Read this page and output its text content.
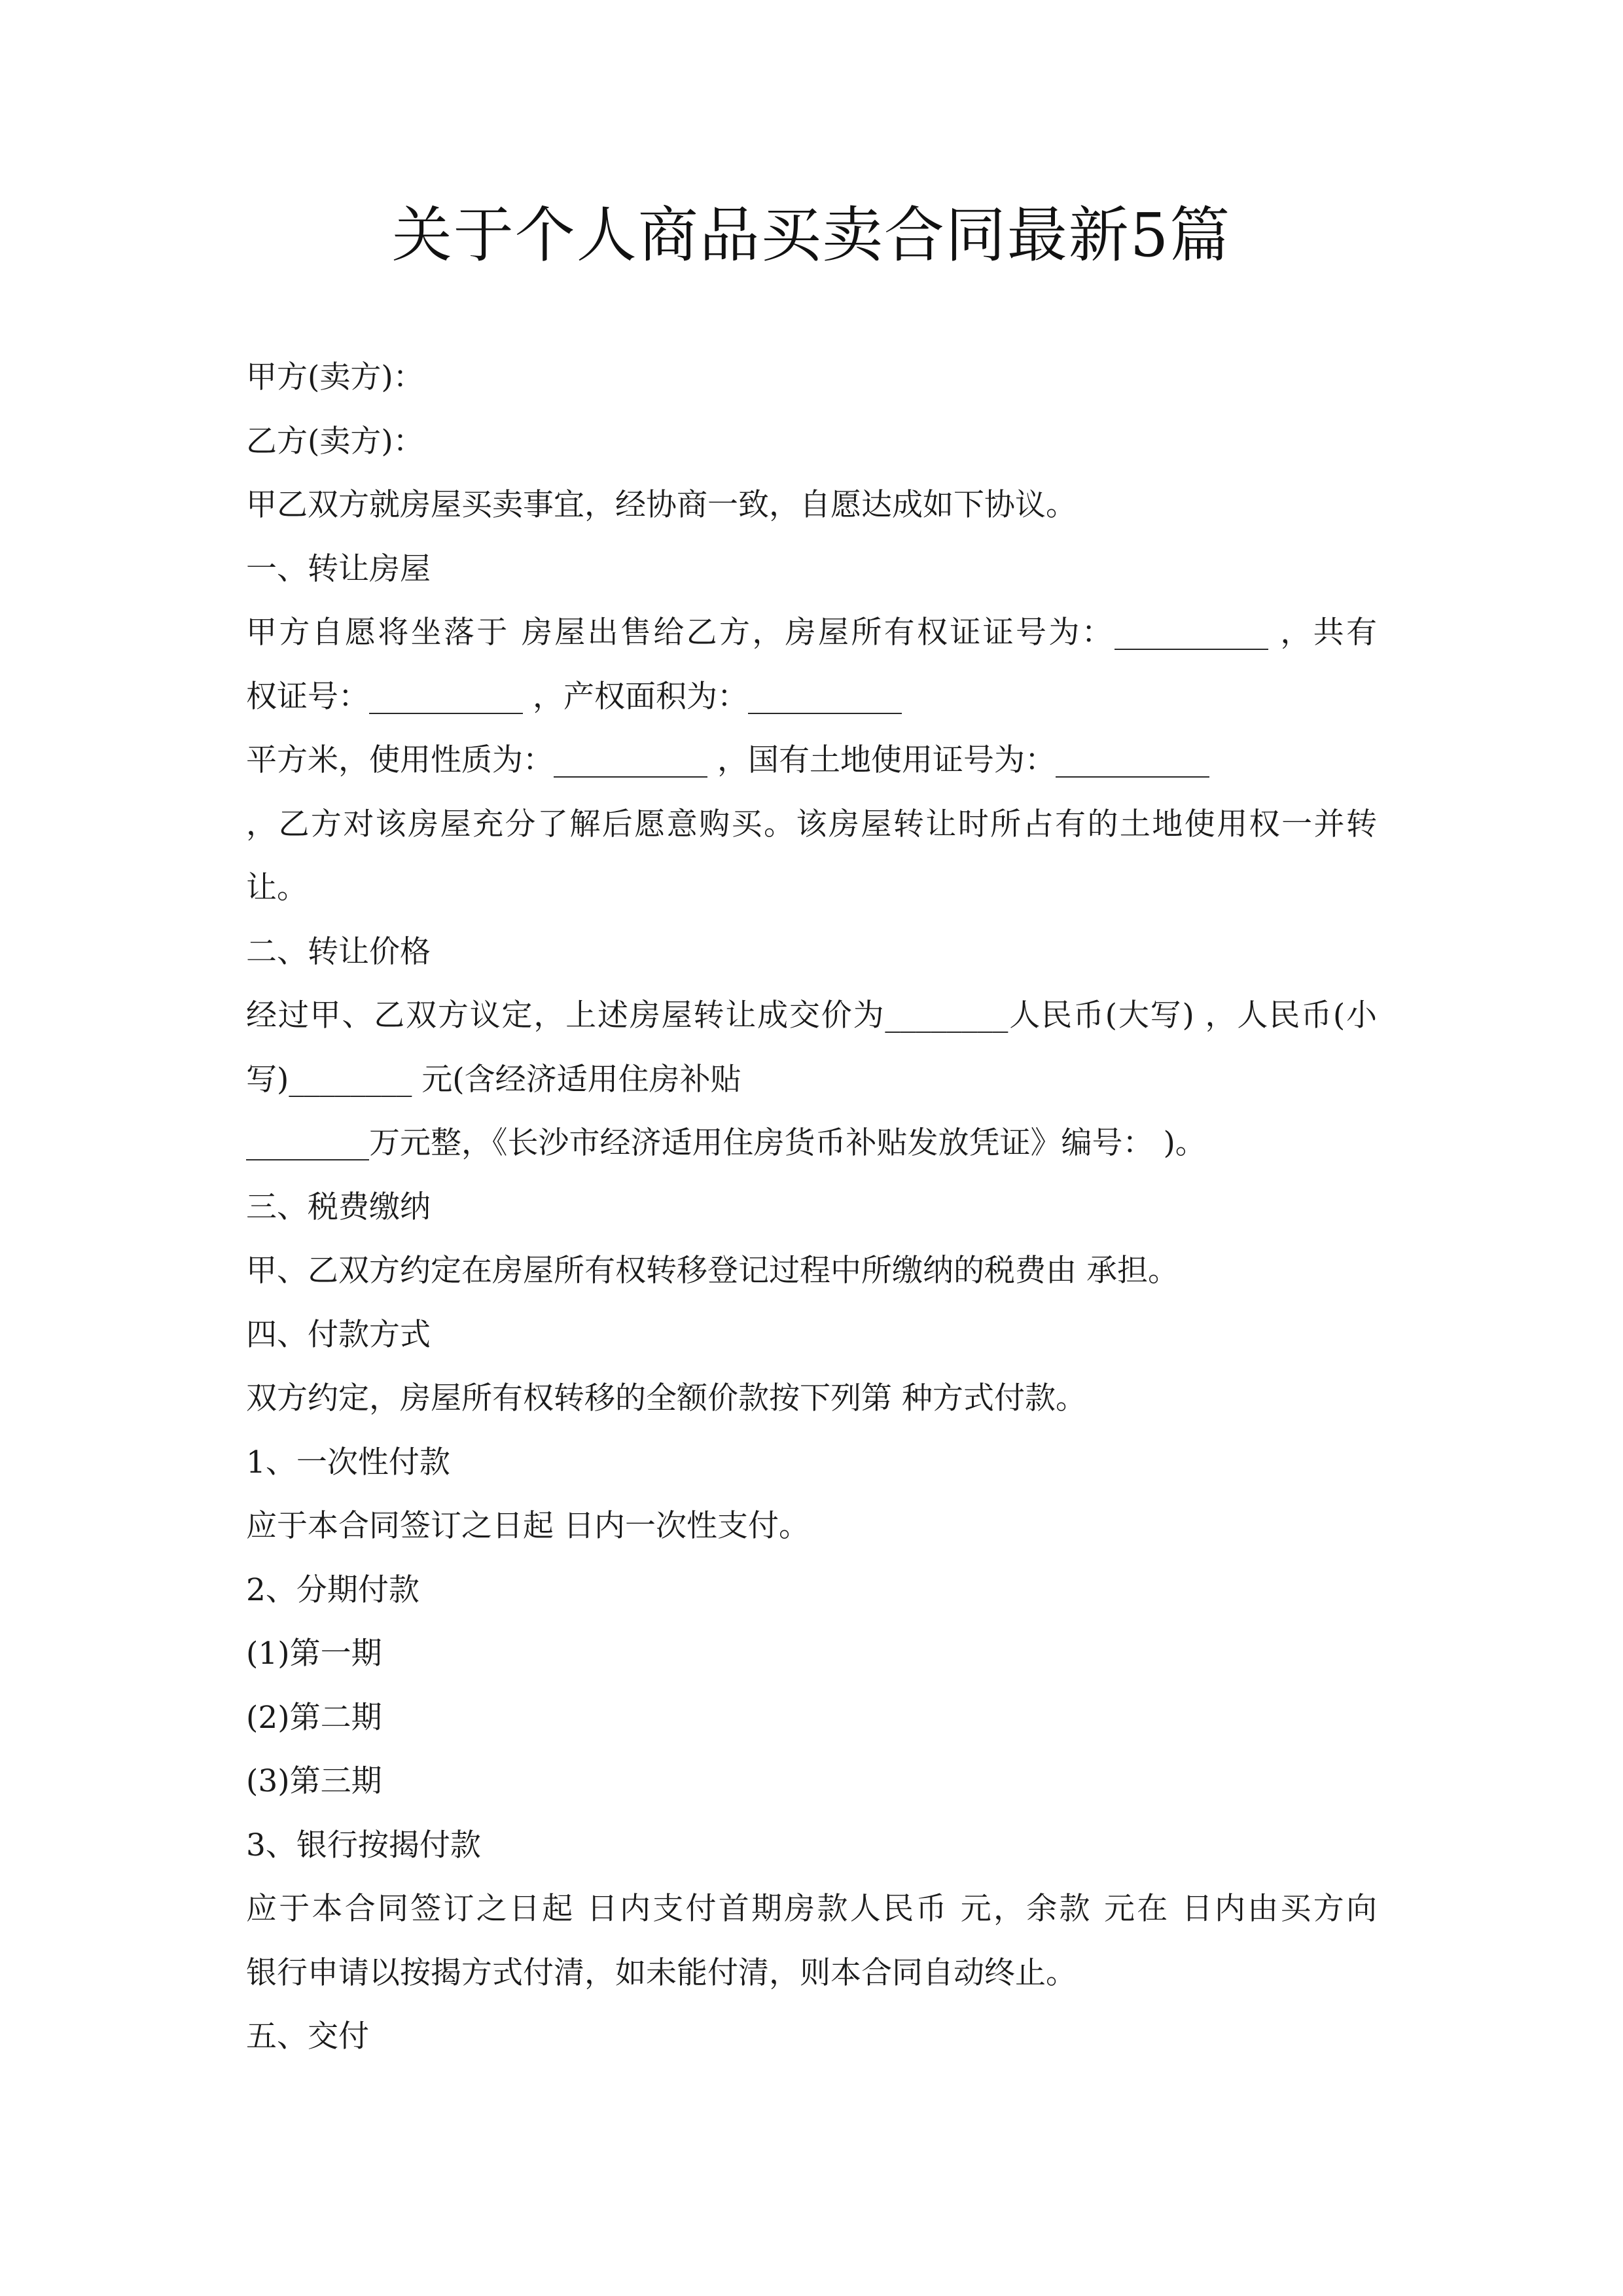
关于个人商品买卖合同最新5篇
甲方(卖方)：
乙方(卖方)：
甲乙双方就房屋买卖事宜，经协商一致，自愿达成如下协议。
一、转让房屋
甲方自愿将坐落于 房屋出售给乙方，房屋所有权证证号为：__________ ，共有
权证号：__________ ，产权面积为：__________
平方米，使用性质为：__________ ，国有土地使用证号为：__________
，乙方对该房屋充分了解后愿意购买。该房屋转让时所占有的土地使用权一并转
让。
二、转让价格
经过甲、乙双方议定，上述房屋转让成交价为________人民币(大写) ，人民币(小
写)________ 元(含经济适用住房补贴
________万元整，《长沙市经济适用住房货币补贴发放凭证》编号： )。
三、税费缴纳
甲、乙双方约定在房屋所有权转移登记过程中所缴纳的税费由 承担。
四、付款方式
双方约定，房屋所有权转移的全额价款按下列第 种方式付款。
1、一次性付款
应于本合同签订之日起 日内一次性支付。
2、分期付款
(1)第一期
(2)第二期
(3)第三期
3、银行按揭付款
应于本合同签订之日起 日内支付首期房款人民币 元，余款 元在 日内由买方向
银行申请以按揭方式付清，如未能付清，则本合同自动终止。
五、交付
